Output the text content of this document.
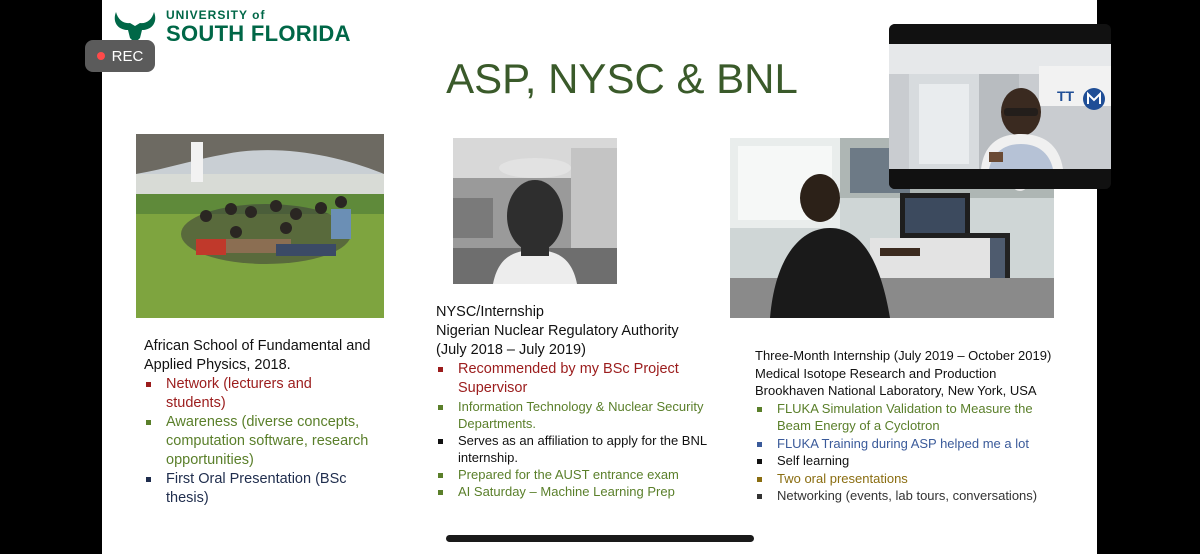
UNIVERSITY of
SOUTH FLORIDA
ASP, NYSC & BNL

African School of Fundamental and

Applied Physics, 2018.

Network (lecturers and
students)
Awareness (diverse concepts,
computation software, research
opportunities)
First Oral Presentation (BSc
thesis)

NYSC/Internship

Nigerian Nuclear Regulatory Authority

(July 2018 – July 2019)

Recommended by my BSc Project
Supervisor
Information Technology & Nuclear Security
Departments.
Serves as an affiliation to apply for the BNL
internship.
Prepared for the AUST entrance exam
AI Saturday – Machine Learning Prep

Three-Month Internship (July 2019 – October 2019)

Medical Isotope Research and Production

Brookhaven National Laboratory, New York, USA

FLUKA Simulation Validation to Measure the
Beam Energy of a Cyclotron
FLUKA Training during ASP helped me a lot
Self learning
Two oral presentations
Networking (events, lab tours, conversations)
REC
TT
